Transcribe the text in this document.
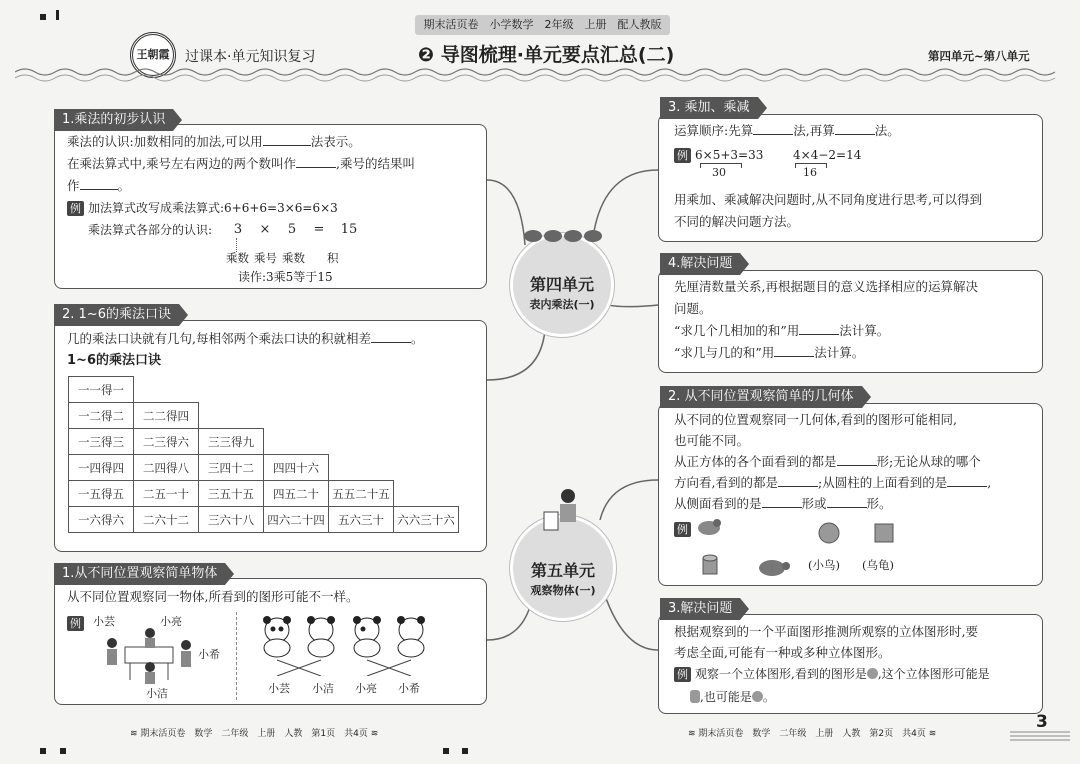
期末活页卷　小学数学　2年级　上册　配人教版
王朝霞	过课本·单元知识复习	❷ 导图梳理·单元要点汇总(二)	第四单元~第八单元
1.乘法的初步认识
乘法的认识:加数相同的加法,可以用	法表示。
在乘法算式中,乘号左右两边的两个数叫作	,乘号的结果叫
作	。
例 加法算式改写成乘法算式:6+6+6=3×6=6×3
乘法算式各部分的认识:	3 × 5 = 15
乘数 乘号 乘数 积
读作:3乘5等于15
2. 1~6的乘法口诀
几的乘法口诀就有几句,每相邻两个乘法口诀的积就相差	。
1~6的乘法口诀
一一得一					
一二得二	二二得四				
一三得三	二三得六	三三得九			
一四得四	二四得八	三四十二	四四十六		
一五得五	二五一十	三五十五	四五二十	五五二十五	
一六得六	二六十二	三六十八	四六二十四	五六三十	六六三十六
1.从不同位置观察简单物体
从不同位置观察同一物体,所看到的图形可能不一样。
例	小芸	小亮
小希
小洁	小芸 小洁 小亮 小希
≋ 期末活页卷　数学　二年级　上册　人教　第1页　共4页 ≋
第四单元
表内乘法(一)
第五单元
观察物体(一)
3. 乘加、乘减
运算顺序:先算	法,再算	法。
例 6×5+3=33
30
4×4−2=14
16
用乘加、乘减解决问题时,从不同角度进行思考,可以得到
不同的解决问题方法。
4.解决问题
先厘清数量关系,再根据题目的意义选择相应的运算解决
问题。
“求几个几相加的和”用	法计算。
“求几与几的和”用	法计算。
2. 从不同位置观察简单的几何体
从不同的位置观察同一几何体,看到的图形可能相同,
也可能不同。
从正方体的各个面看到的都是	形;无论从球的哪个
方向看,看到的都是	;从圆柱的上面看到的是	,
从侧面看到的是	形或	形。
例
(小鸟) (乌龟)
3.解决问题
根据观察到的一个平面图形推测所观察的立体图形时,要
考虑全面,可能有一种或多种立体图形。
例 观察一个立体图形,看到的图形是 ,这个立体图形可能是
,也可能是 。
≋ 期末活页卷　数学　二年级　上册　人教　第2页　共4页 ≋
3
